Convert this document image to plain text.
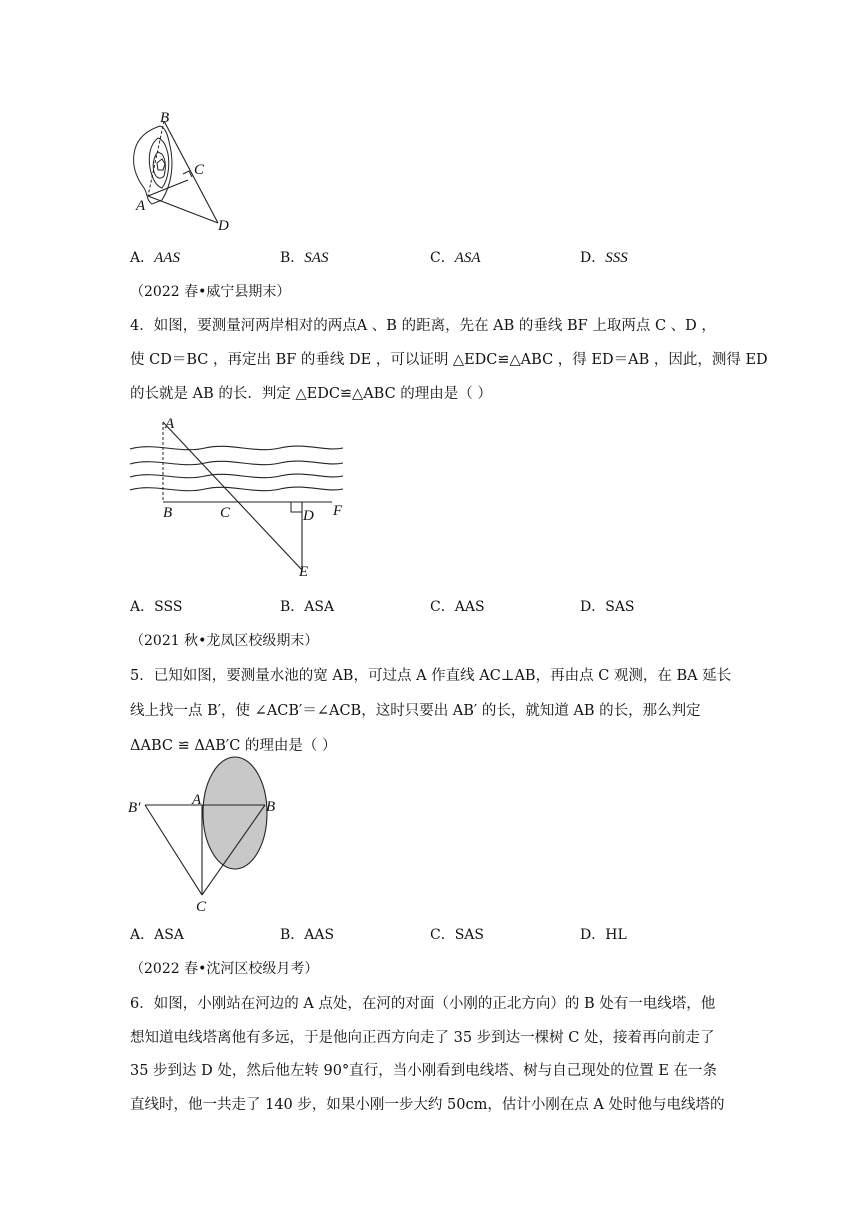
B
C
A
D
A．AAS	B．SAS	C．ASA	D．SSS
（2022 春•威宁县期末）
4．如图，要测量河两岸相对的两点A 、B 的距离，先在 AB 的垂线 BF 上取两点 C 、D ，
使 CD＝BC ，再定出 BF 的垂线 DE ，可以证明 △EDC≌△ABC ，得 ED＝AB ，因此，测得 ED
的长就是 AB 的长．判定 △EDC≌△ABC 的理由是（ ）
A
B	C	D F
E
A．SSS	B．ASA	C．AAS	D．SAS
（2021 秋•龙凤区校级期末）
5．已知如图，要测量水池的宽 AB，可过点 A 作直线 AC⊥AB，再由点 C 观测，在 BA 延长
线上找一点 B′，使 ∠ACB′＝∠ACB，这时只要出 AB′ 的长，就知道 AB 的长，那么判定
ΔABC ≌ ΔAB′C 的理由是（ ）
B′	A	B
C
A．ASA	B．AAS	C．SAS	D．HL
（2022 春•沈河区校级月考）
6．如图，小刚站在河边的 A 点处，在河的对面（小刚的正北方向）的 B 处有一电线塔，他
想知道电线塔离他有多远，于是他向正西方向走了 35 步到达一棵树 C 处，接着再向前走了
35 步到达 D 处，然后他左转 90°直行，当小刚看到电线塔、树与自己现处的位置 E 在一条
直线时，他一共走了 140 步，如果小刚一步大约 50cm，估计小刚在点 A 处时他与电线塔的
